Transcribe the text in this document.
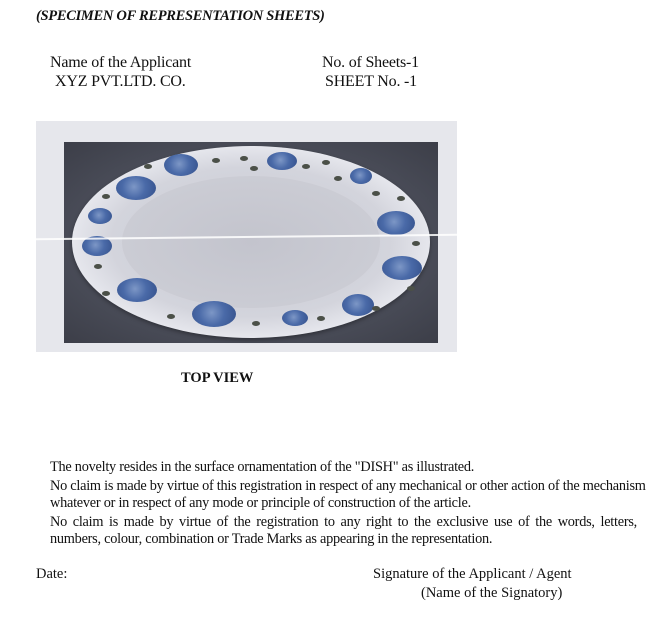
(SPECIMEN OF REPRESENTATION SHEETS)
Name of the Applicant
XYZ PVT.LTD. CO.
No. of Sheets-1
SHEET No. -1
TOP VIEW
The novelty resides in the surface ornamentation of the "DISH" as illustrated.
No claim is made by virtue of this registration in respect of any mechanical or other action of the mechanism
whatever or in respect of any mode or principle of construction of the article.
No claim is made by virtue of the registration to any right to the exclusive use of the words, letters,
numbers, colour, combination or Trade Marks as appearing in the representation.
Date:	Signature of the Applicant / Agent
(Name of the Signatory)
